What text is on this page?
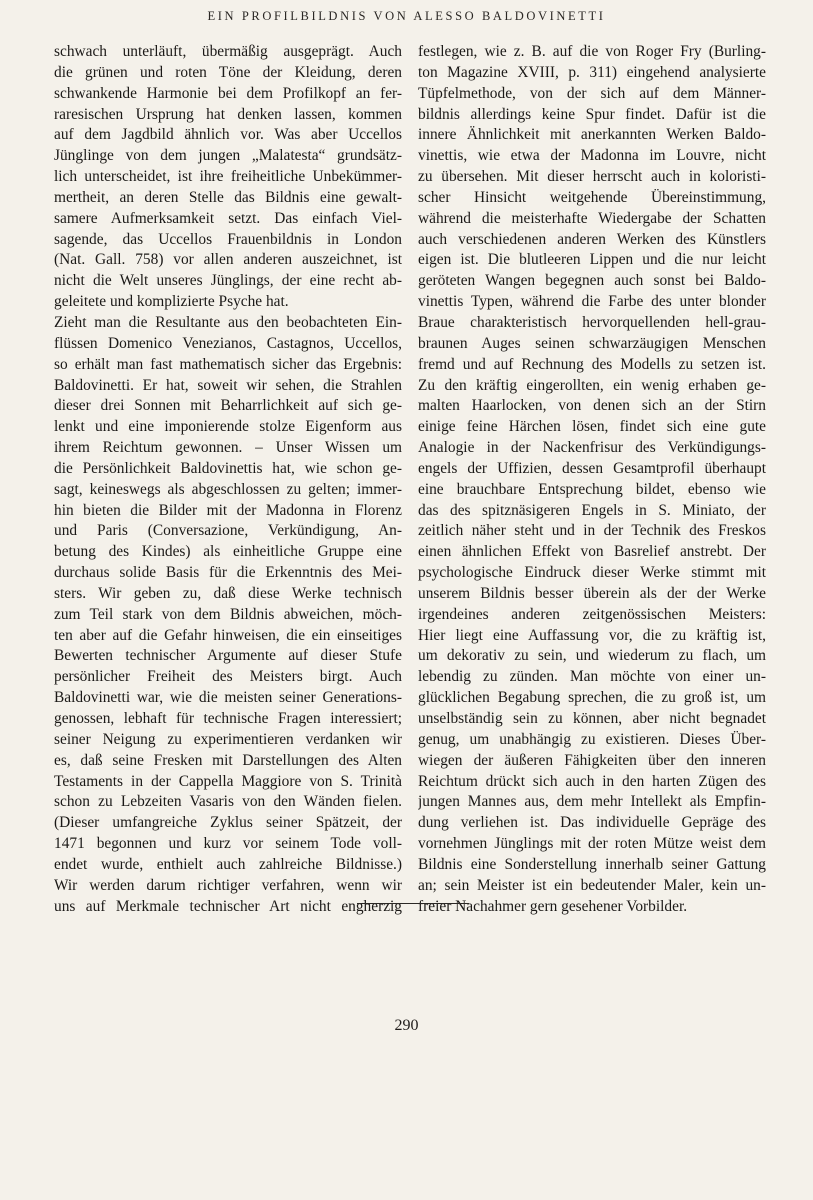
EIN PROFILBILDNIS VON ALESSO BALDOVINETTI
schwach unterläuft, übermäßig ausgeprägt. Auch
die grünen und roten Töne der Kleidung, deren
schwankende Harmonie bei dem Profilkopf an fer-
raresischen Ursprung hat denken lassen, kommen
auf dem Jagdbild ähnlich vor. Was aber Uccellos
Jünglinge von dem jungen „Malatesta“ grundsätz-
lich unterscheidet, ist ihre freiheitliche Unbekümmer-
mertheit, an deren Stelle das Bildnis eine gewalt-
samere Aufmerksamkeit setzt. Das einfach Viel-
sagende, das Uccellos Frauenbildnis in London
(Nat. Gall. 758) vor allen anderen auszeichnet, ist
nicht die Welt unseres Jünglings, der eine recht ab-
geleitete und komplizierte Psyche hat.
Zieht man die Resultante aus den beobachteten Ein-
flüssen Domenico Venezianos, Castagnos, Uccellos,
so erhält man fast mathematisch sicher das Ergebnis:
Baldovinetti. Er hat, soweit wir sehen, die Strahlen
dieser drei Sonnen mit Beharrlichkeit auf sich ge-
lenkt und eine imponierende stolze Eigenform aus
ihrem Reichtum gewonnen. – Unser Wissen um
die Persönlichkeit Baldovinettis hat, wie schon ge-
sagt, keineswegs als abgeschlossen zu gelten; immer-
hin bieten die Bilder mit der Madonna in Florenz
und Paris (Conversazione, Verkündigung, An-
betung des Kindes) als einheitliche Gruppe eine
durchaus solide Basis für die Erkenntnis des Mei-
sters. Wir geben zu, daß diese Werke technisch
zum Teil stark von dem Bildnis abweichen, möch-
ten aber auf die Gefahr hinweisen, die ein einseitiges
Bewerten technischer Argumente auf dieser Stufe
persönlicher Freiheit des Meisters birgt. Auch
Baldovinetti war, wie die meisten seiner Generations-
genossen, lebhaft für technische Fragen interessiert;
seiner Neigung zu experimentieren verdanken wir
es, daß seine Fresken mit Darstellungen des Alten
Testaments in der Cappella Maggiore von S. Trinità
schon zu Lebzeiten Vasaris von den Wänden fielen.
(Dieser umfangreiche Zyklus seiner Spätzeit, der
1471 begonnen und kurz vor seinem Tode voll-
endet wurde, enthielt auch zahlreiche Bildnisse.)
Wir werden darum richtiger verfahren, wenn wir
uns auf Merkmale technischer Art nicht engherzig
festlegen, wie z. B. auf die von Roger Fry (Burling-
ton Magazine XVIII, p. 311) eingehend analysierte
Tüpfelmethode, von der sich auf dem Männer-
bildnis allerdings keine Spur findet. Dafür ist die
innere Ähnlichkeit mit anerkannten Werken Baldo-
vinettis, wie etwa der Madonna im Louvre, nicht
zu übersehen. Mit dieser herrscht auch in koloristi-
scher Hinsicht weitgehende Übereinstimmung,
während die meisterhafte Wiedergabe der Schatten
auch verschiedenen anderen Werken des Künstlers
eigen ist. Die blutleeren Lippen und die nur leicht
geröteten Wangen begegnen auch sonst bei Baldo-
vinettis Typen, während die Farbe des unter blonder
Braue charakteristisch hervorquellenden hell-grau-
braunen Auges seinen schwarzäugigen Menschen
fremd und auf Rechnung des Modells zu setzen ist.
Zu den kräftig eingerollten, ein wenig erhaben ge-
malten Haarlocken, von denen sich an der Stirn
einige feine Härchen lösen, findet sich eine gute
Analogie in der Nackenfrisur des Verkündigungs-
engels der Uffizien, dessen Gesamtprofil überhaupt
eine brauchbare Entsprechung bildet, ebenso wie
das des spitznäsigeren Engels in S. Miniato, der
zeitlich näher steht und in der Technik des Freskos
einen ähnlichen Effekt von Basrelief anstrebt. Der
psychologische Eindruck dieser Werke stimmt mit
unserem Bildnis besser überein als der der Werke
irgendeines anderen zeitgenössischen Meisters:
Hier liegt eine Auffassung vor, die zu kräftig ist,
um dekorativ zu sein, und wiederum zu flach, um
lebendig zu zünden. Man möchte von einer un-
glücklichen Begabung sprechen, die zu groß ist, um
unselbständig sein zu können, aber nicht begnadet
genug, um unabhängig zu existieren. Dieses Über-
wiegen der äußeren Fähigkeiten über den inneren
Reichtum drückt sich auch in den harten Zügen des
jungen Mannes aus, dem mehr Intellekt als Empfin-
dung verliehen ist. Das individuelle Gepräge des
vornehmen Jünglings mit der roten Mütze weist dem
Bildnis eine Sonderstellung innerhalb seiner Gattung
an; sein Meister ist ein bedeutender Maler, kein un-
freier Nachahmer gern gesehener Vorbilder.
290
